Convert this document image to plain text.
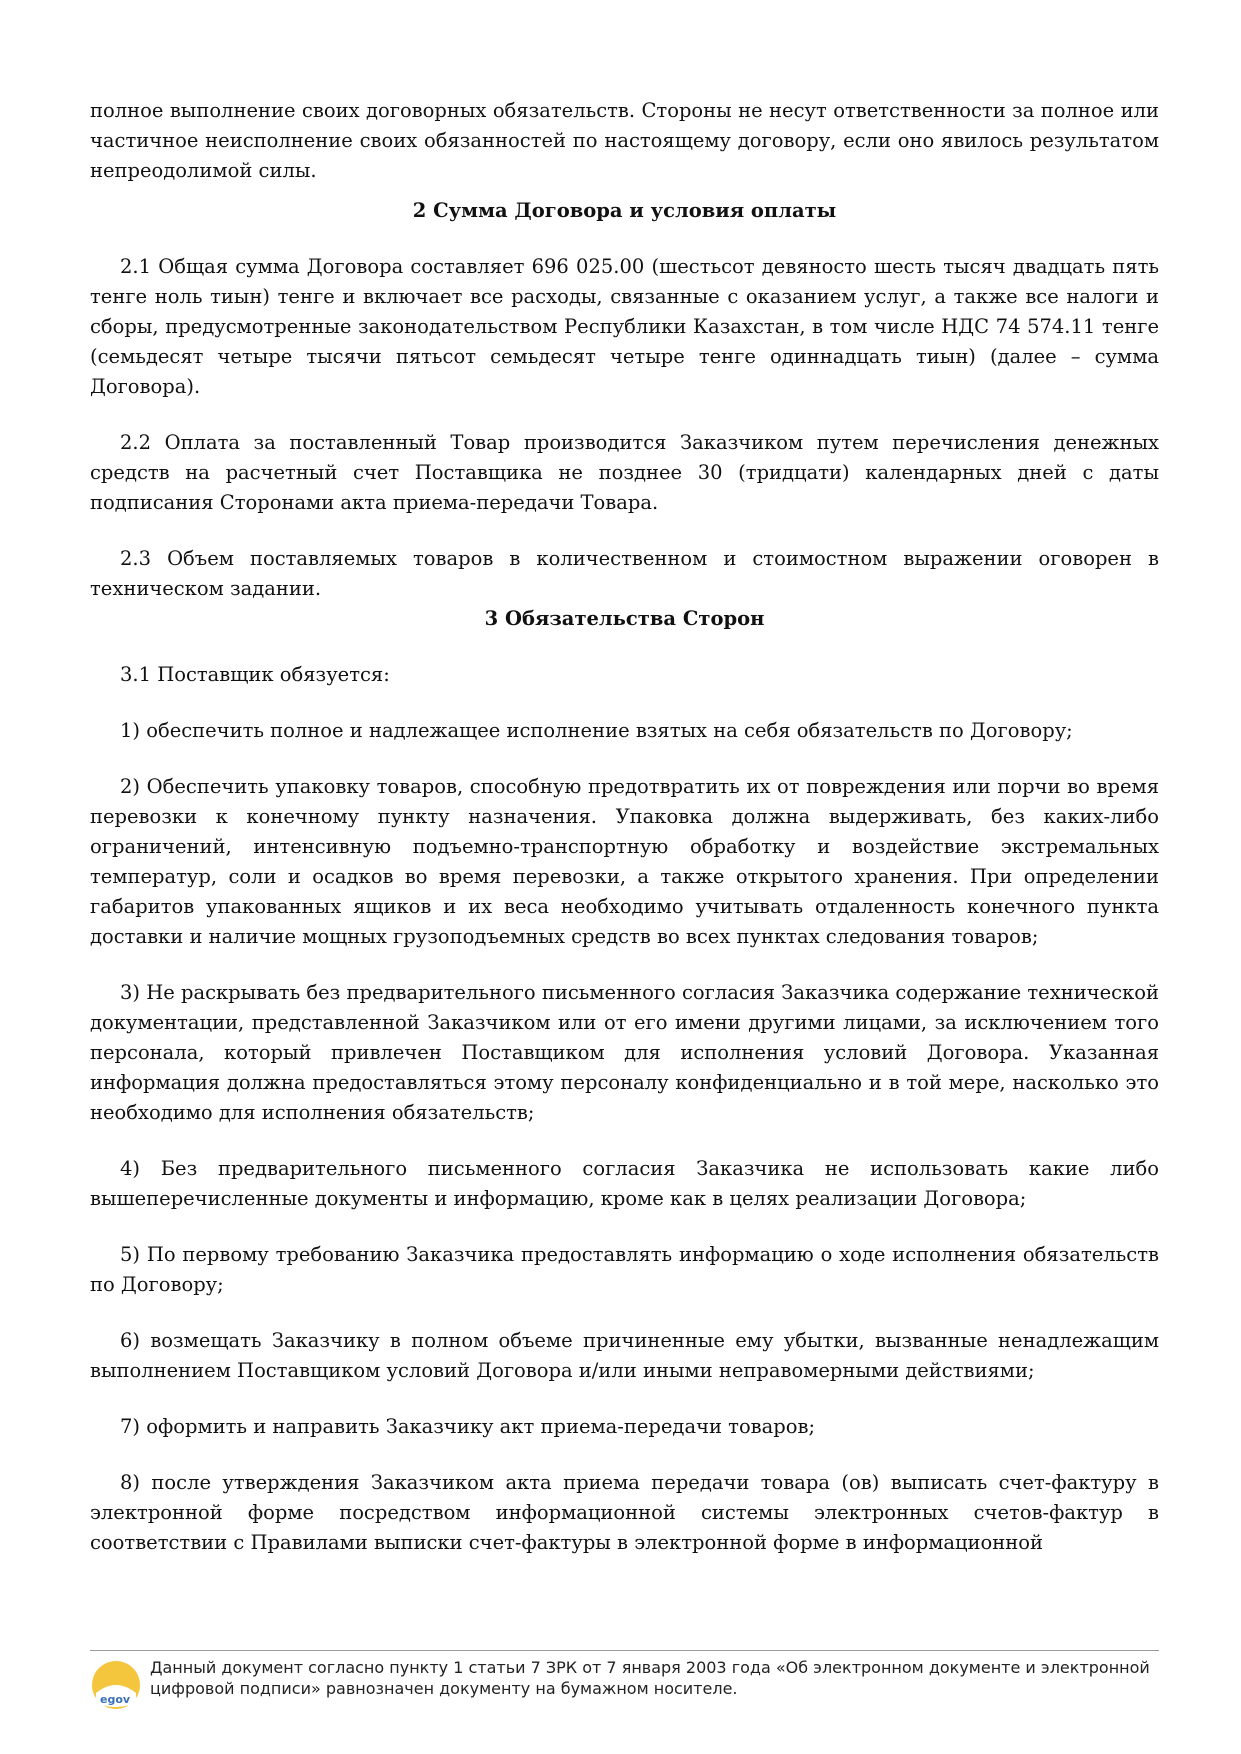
полное выполнение своих договорных обязательств. Стороны не несут ответственности за полное или частичное неисполнение своих обязанностей по настоящему договору, если оно явилось результатом непреодолимой силы.

2 Сумма Договора и условия оплаты

2.1 Общая сумма Договора составляет 696 025.00 (шестьсот девяносто шесть тысяч двадцать пять тенге ноль тиын) тенге и включает все расходы, связанные с оказанием услуг, а также все налоги и сборы, предусмотренные законодательством Республики Казахстан, в том числе НДС 74 574.11 тенге (семьдесят четыре тысячи пятьсот семьдесят четыре тенге одиннадцать тиын) (далее – сумма Договора).

2.2 Оплата за поставленный Товар производится Заказчиком путем перечисления денежных средств на расчетный счет Поставщика не позднее 30 (тридцати) календарных дней с даты подписания Сторонами акта приема-передачи Товара.

2.3 Объем поставляемых товаров в количественном и стоимостном выражении оговорен в техническом задании.

3 Обязательства Сторон

3.1 Поставщик обязуется:

1) обеспечить полное и надлежащее исполнение взятых на себя обязательств по Договору;

2) Обеспечить упаковку товаров, способную предотвратить их от повреждения или порчи во время перевозки к конечному пункту назначения. Упаковка должна выдерживать, без каких-либо ограничений, интенсивную подъемно-транспортную обработку и воздействие экстремальных температур, соли и осадков во время перевозки, а также открытого хранения. При определении габаритов упакованных ящиков и их веса необходимо учитывать отдаленность конечного пункта доставки и наличие мощных грузоподъемных средств во всех пунктах следования товаров;

3) Не раскрывать без предварительного письменного согласия Заказчика содержание технической документации, представленной Заказчиком или от его имени другими лицами, за исключением того персонала, который привлечен Поставщиком для исполнения условий Договора. Указанная информация должна предоставляться этому персоналу конфиденциально и в той мере, насколько это необходимо для исполнения обязательств;

4) Без предварительного письменного согласия Заказчика не использовать какие либо вышеперечисленные документы и информацию, кроме как в целях реализации Договора;

5) По первому требованию Заказчика предоставлять информацию о ходе исполнения обязательств по Договору;

6) возмещать Заказчику в полном объеме причиненные ему убытки, вызванные ненадлежащим выполнением Поставщиком условий Договора и/или иными неправомерными действиями;

7) оформить и направить Заказчику акт приема-передачи товаров;

8) после утверждения Заказчиком акта приема передачи товара (ов) выписать счет-фактуру в электронной форме посредством информационной системы электронных счетов-фактур в соответствии с Правилами выписки счет-фактуры в электронной форме в информационной

egov
Данный документ согласно пункту 1 статьи 7 ЗРК от 7 января 2003 года «Об электронном документе и электронной цифровой подписи» равнозначен документу на бумажном носителе.
